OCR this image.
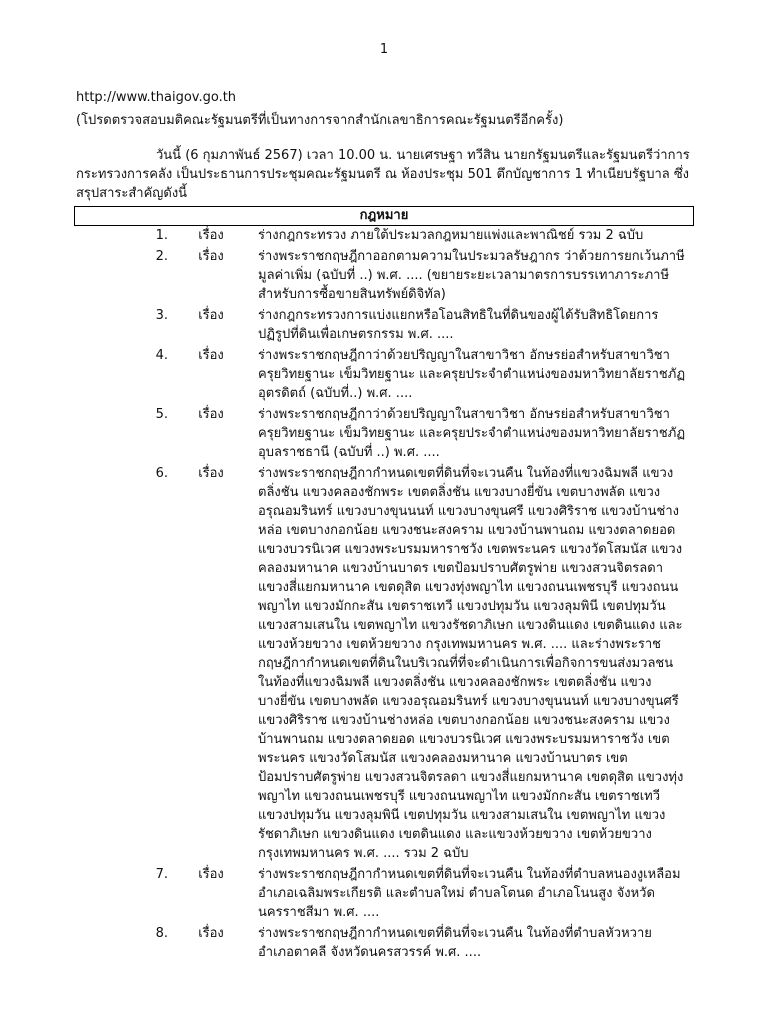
1
http://www.thaigov.go.th
(โปรดตรวจสอบมติคณะรัฐมนตรีที่เป็นทางการจากสำนักเลขาธิการคณะรัฐมนตรีอีกครั้ง)
วันนี้ (6 กุมภาพันธ์ 2567) เวลา 10.00 น. นายเศรษฐา ทวีสิน นายกรัฐมนตรีและรัฐมนตรีว่าการกระทรวงการคลัง เป็นประธานการประชุมคณะรัฐมนตรี ณ ห้องประชุม 501 ตึกบัญชาการ 1 ทำเนียบรัฐบาล ซึ่งสรุปสาระสำคัญดังนี้
กฎหมาย
1.	เรื่อง	ร่างกฎกระทรวง ภายใต้ประมวลกฎหมายแพ่งและพาณิชย์ รวม 2 ฉบับ
2.	เรื่อง	ร่างพระราชกฤษฎีกาออกตามความในประมวลรัษฎากร ว่าด้วยการยกเว้นภาษีมูลค่าเพิ่ม (ฉบับที่ ..) พ.ศ. .... (ขยายระยะเวลามาตรการบรรเทาภาระภาษีสำหรับการซื้อขายสินทรัพย์ดิจิทัล)
3.	เรื่อง	ร่างกฎกระทรวงการแบ่งแยกหรือโอนสิทธิในที่ดินของผู้ได้รับสิทธิโดยการปฏิรูปที่ดินเพื่อเกษตรกรรม พ.ศ. ....
4.	เรื่อง	ร่างพระราชกฤษฎีกาว่าด้วยปริญญาในสาขาวิชา อักษรย่อสำหรับสาขาวิชา ครุยวิทยฐานะ เข็มวิทยฐานะ และครุยประจำตำแหน่งของมหาวิทยาลัยราชภัฏอุตรดิตถ์ (ฉบับที่..) พ.ศ. ....
5.	เรื่อง	ร่างพระราชกฤษฎีกาว่าด้วยปริญญาในสาขาวิชา อักษรย่อสำหรับสาขาวิชา ครุยวิทยฐานะ เข็มวิทยฐานะ และครุยประจำตำแหน่งของมหาวิทยาลัยราชภัฏอุบลราชธานี (ฉบับที่ ..) พ.ศ. ....
6.	เรื่อง	ร่างพระราชกฤษฎีกากำหนดเขตที่ดินที่จะเวนคืน ในท้องที่แขวงฉิมพลี แขวงตลิ่งชัน แขวงคลองชักพระ เขตตลิ่งชัน แขวงบางยี่ขัน เขตบางพลัด แขวงอรุณอมรินทร์ แขวงบางขุนนนท์ แขวงบางขุนศรี แขวงศิริราช แขวงบ้านช่างหล่อ เขตบางกอกน้อย แขวงชนะสงคราม แขวงบ้านพานถม แขวงตลาดยอด แขวงบวรนิเวศ แขวงพระบรมมหาราชวัง เขตพระนคร แขวงวัดโสมนัส แขวงคลองมหานาค แขวงบ้านบาตร เขตป้อมปราบศัตรูพ่าย แขวงสวนจิตรลดา แขวงสี่แยกมหานาค เขตดุสิต แขวงทุ่งพญาไท แขวงถนนเพชรบุรี แขวงถนนพญาไท แขวงมักกะสัน เขตราชเทวี แขวงปทุมวัน แขวงลุมพินี เขตปทุมวัน แขวงสามเสนใน เขตพญาไท แขวงรัชดาภิเษก แขวงดินแดง เขตดินแดง และแขวงห้วยขวาง เขตห้วยขวาง กรุงเทพมหานคร พ.ศ. .... และร่างพระราชกฤษฎีกากำหนดเขตที่ดินในบริเวณที่ที่จะดำเนินการเพื่อกิจการขนส่งมวลชน ในท้องที่แขวงฉิมพลี แขวงตลิ่งชัน แขวงคลองชักพระ เขตตลิ่งชัน แขวงบางยี่ขัน เขตบางพลัด แขวงอรุณอมรินทร์ แขวงบางขุนนนท์ แขวงบางขุนศรี แขวงศิริราช แขวงบ้านช่างหล่อ เขตบางกอกน้อย แขวงชนะสงคราม แขวงบ้านพานถม แขวงตลาดยอด แขวงบวรนิเวศ แขวงพระบรมมหาราชวัง เขตพระนคร แขวงวัดโสมนัส แขวงคลองมหานาค แขวงบ้านบาตร เขตป้อมปราบศัตรูพ่าย แขวงสวนจิตรลดา แขวงสี่แยกมหานาค เขตดุสิต แขวงทุ่งพญาไท แขวงถนนเพชรบุรี แขวงถนนพญาไท แขวงมักกะสัน เขตราชเทวี แขวงปทุมวัน แขวงลุมพินี เขตปทุมวัน แขวงสามเสนใน เขตพญาไท แขวงรัชดาภิเษก แขวงดินแดง เขตดินแดง และแขวงห้วยขวาง เขตห้วยขวาง กรุงเทพมหานคร พ.ศ. .... รวม 2 ฉบับ
7.	เรื่อง	ร่างพระราชกฤษฎีกากำหนดเขตที่ดินที่จะเวนคืน ในท้องที่ตำบลหนองงูเหลือม อำเภอเฉลิมพระเกียรติ และตำบลใหม่ ตำบลโตนด อำเภอโนนสูง จังหวัดนครราชสีมา พ.ศ. ....
8.	เรื่อง	ร่างพระราชกฤษฎีกากำหนดเขตที่ดินที่จะเวนคืน ในท้องที่ตำบลหัวหวาย อำเภอตาคลี จังหวัดนครสวรรค์ พ.ศ. ....
